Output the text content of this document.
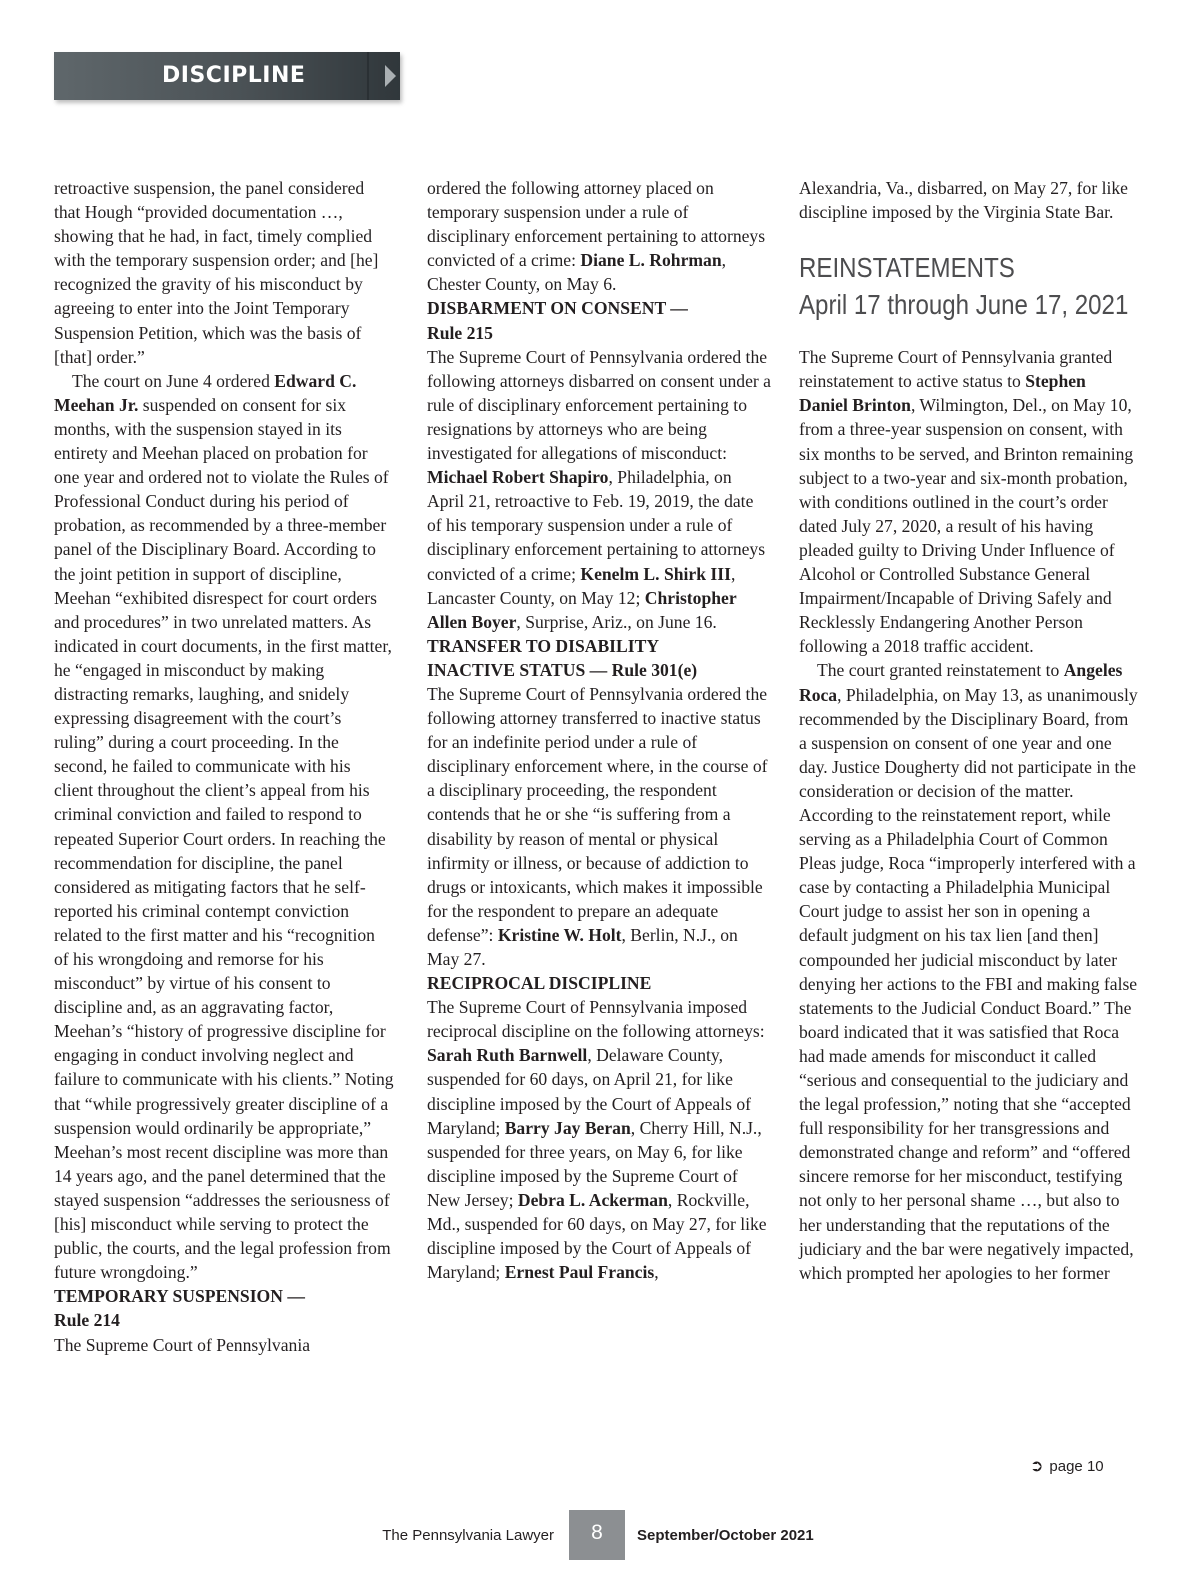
DISCIPLINE

retroactive suspension, the panel considered that Hough “provided documentation …, showing that he had, in fact, timely complied with the temporary suspension order; and [he] recognized the gravity of his misconduct by agreeing to enter into the Joint Temporary Suspension Petition, which was the basis of [that] order.”

The court on June 4 ordered Edward C. Meehan Jr. suspended on consent for six months, with the suspension stayed in its entirety and Meehan placed on probation for one year and ordered not to violate the Rules of Professional Conduct during his period of probation, as recommended by a three-member panel of the Disciplinary Board. According to the joint petition in support of discipline, Meehan “exhibited disrespect for court orders and procedures” in two unrelated matters. As indicated in court documents, in the first matter, he “engaged in misconduct by making distracting remarks, laughing, and snidely expressing disagreement with the court’s ruling” during a court proceeding. In the second, he failed to communicate with his client throughout the client’s appeal from his criminal conviction and failed to respond to repeated Superior Court orders. In reaching the recommendation for discipline, the panel considered as mitigating factors that he self-reported his criminal contempt conviction related to the first matter and his “recognition of his wrongdoing and remorse for his misconduct” by virtue of his consent to discipline and, as an aggravating factor, Meehan’s “history of progressive discipline for engaging in conduct involving neglect and failure to communicate with his clients.” Noting that “while progressively greater discipline of a suspension would ordinarily be appropriate,” Meehan’s most recent discipline was more than 14 years ago, and the panel determined that the stayed suspension “addresses the seriousness of [his] misconduct while serving to protect the public, the courts, and the legal profession from future wrongdoing.”

TEMPORARY SUSPENSION —
Rule 214

The Supreme Court of Pennsylvania

ordered the following attorney placed on temporary suspension under a rule of disciplinary enforcement pertaining to attorneys convicted of a crime: Diane L. Rohrman, Chester County, on May 6.

DISBARMENT ON CONSENT —
Rule 215

The Supreme Court of Pennsylvania ordered the following attorneys disbarred on consent under a rule of disciplinary enforcement pertaining to resignations by attorneys who are being investigated for allegations of misconduct: Michael Robert Shapiro, Philadelphia, on April 21, retroactive to Feb. 19, 2019, the date of his temporary suspension under a rule of disciplinary enforcement pertaining to attorneys convicted of a crime; Kenelm L. Shirk III, Lancaster County, on May 12; Christopher Allen Boyer, Surprise, Ariz., on June 16.

TRANSFER TO DISABILITY
INACTIVE STATUS — Rule 301(e)

The Supreme Court of Pennsylvania ordered the following attorney transferred to inactive status for an indefinite period under a rule of disciplinary enforcement where, in the course of a disciplinary proceeding, the respondent contends that he or she “is suffering from a disability by reason of mental or physical infirmity or illness, or because of addiction to drugs or intoxicants, which makes it impossible for the respondent to prepare an adequate defense”: Kristine W. Holt, Berlin, N.J., on May 27.

RECIPROCAL DISCIPLINE

The Supreme Court of Pennsylvania imposed reciprocal discipline on the following attorneys: Sarah Ruth Barnwell, Delaware County, suspended for 60 days, on April 21, for like discipline imposed by the Court of Appeals of Maryland; Barry Jay Beran, Cherry Hill, N.J., suspended for three years, on May 6, for like discipline imposed by the Supreme Court of New Jersey; Debra L. Ackerman, Rockville, Md., suspended for 60 days, on May 27, for like discipline imposed by the Court of Appeals of Maryland; Ernest Paul Francis,

Alexandria, Va., disbarred, on May 27, for like discipline imposed by the Virginia State Bar.

REINSTATEMENTS
April 17 through June 17, 2021

The Supreme Court of Pennsylvania granted reinstatement to active status to Stephen Daniel Brinton, Wilmington, Del., on May 10, from a three-year suspension on consent, with six months to be served, and Brinton remaining subject to a two-year and six-month probation, with conditions outlined in the court’s order dated July 27, 2020, a result of his having pleaded guilty to Driving Under Influence of Alcohol or Controlled Substance General Impairment/Incapable of Driving Safely and Recklessly Endangering Another Person following a 2018 traffic accident.

The court granted reinstatement to Angeles Roca, Philadelphia, on May 13, as unanimously recommended by the Disciplinary Board, from a suspension on consent of one year and one day. Justice Dougherty did not participate in the consideration or decision of the matter. According to the reinstatement report, while serving as a Philadelphia Court of Common Pleas judge, Roca “improperly interfered with a case by contacting a Philadelphia Municipal Court judge to assist her son in opening a default judgment on his tax lien [and then] compounded her judicial misconduct by later denying her actions to the FBI and making false statements to the Judicial Conduct Board.” The board indicated that it was satisfied that Roca had made amends for misconduct it called “serious and consequential to the judiciary and the legal profession,” noting that she “accepted full responsibility for her transgressions and demonstrated change and reform” and “offered sincere remorse for her misconduct, testifying not only to her personal shame …, but also to her understanding that the reputations of the judiciary and the bar were negatively impacted, which prompted her apologies to her former

➲ page 10
The Pennsylvania Lawyer	8	September/October 2021
